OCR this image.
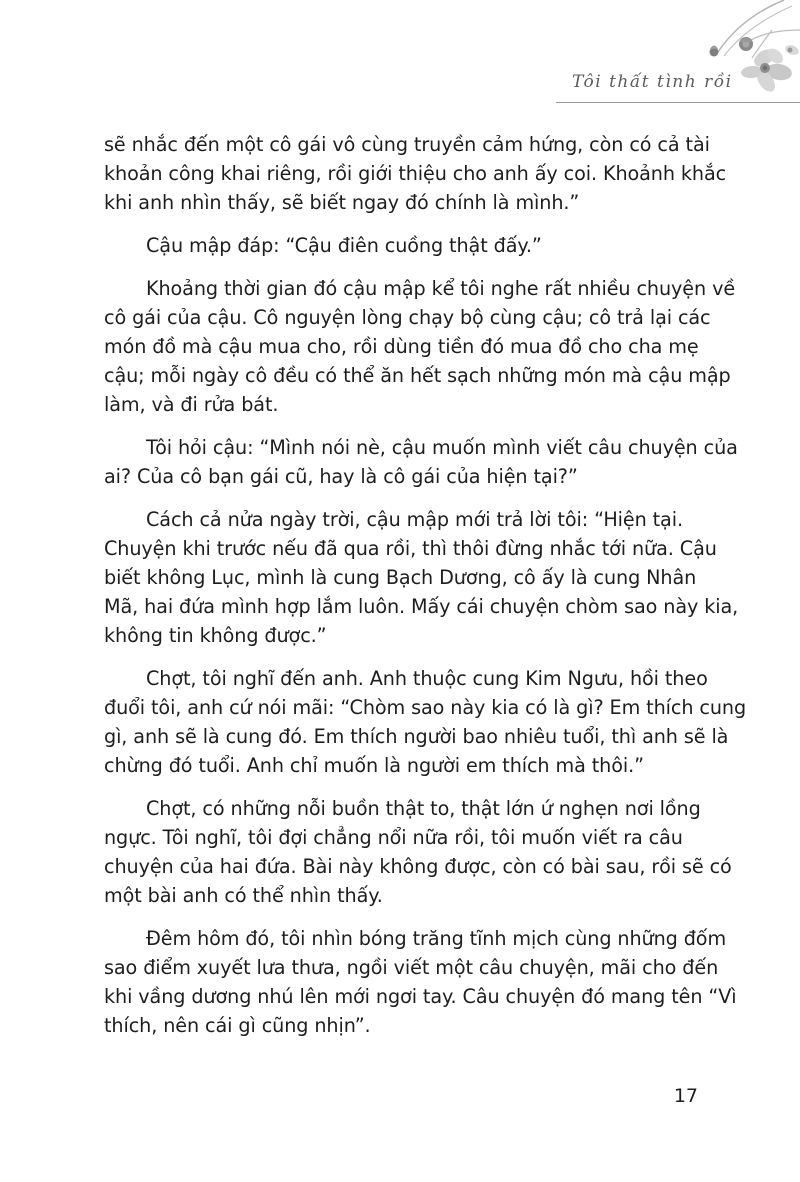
Tôi thất tình rồi

sẽ nhắc đến một cô gái vô cùng truyền cảm hứng, còn có cả tài
khoản công khai riêng, rồi giới thiệu cho anh ấy coi. Khoảnh khắc
khi anh nhìn thấy, sẽ biết ngay đó chính là mình.”

Cậu mập đáp: “Cậu điên cuồng thật đấy.”

Khoảng thời gian đó cậu mập kể tôi nghe rất nhiều chuyện về
cô gái của cậu. Cô nguyện lòng chạy bộ cùng cậu; cô trả lại các
món đồ mà cậu mua cho, rồi dùng tiền đó mua đồ cho cha mẹ
cậu; mỗi ngày cô đều có thể ăn hết sạch những món mà cậu mập
làm, và đi rửa bát.

Tôi hỏi cậu: “Mình nói nè, cậu muốn mình viết câu chuyện của
ai? Của cô bạn gái cũ, hay là cô gái của hiện tại?”

Cách cả nửa ngày trời, cậu mập mới trả lời tôi: “Hiện tại.
Chuyện khi trước nếu đã qua rồi, thì thôi đừng nhắc tới nữa. Cậu
biết không Lục, mình là cung Bạch Dương, cô ấy là cung Nhân
Mã, hai đứa mình hợp lắm luôn. Mấy cái chuyện chòm sao này kia,
không tin không được.”

Chợt, tôi nghĩ đến anh. Anh thuộc cung Kim Ngưu, hồi theo
đuổi tôi, anh cứ nói mãi: “Chòm sao này kia có là gì? Em thích cung
gì, anh sẽ là cung đó. Em thích người bao nhiêu tuổi, thì anh sẽ là
chừng đó tuổi. Anh chỉ muốn là người em thích mà thôi.”

Chợt, có những nỗi buồn thật to, thật lớn ứ nghẹn nơi lồng
ngực. Tôi nghĩ, tôi đợi chẳng nổi nữa rồi, tôi muốn viết ra câu
chuyện của hai đứa. Bài này không được, còn có bài sau, rồi sẽ có
một bài anh có thể nhìn thấy.

Đêm hôm đó, tôi nhìn bóng trăng tĩnh mịch cùng những đốm
sao điểm xuyết lưa thưa, ngồi viết một câu chuyện, mãi cho đến
khi vầng dương nhú lên mới ngơi tay. Câu chuyện đó mang tên “Vì
thích, nên cái gì cũng nhịn”.

17
